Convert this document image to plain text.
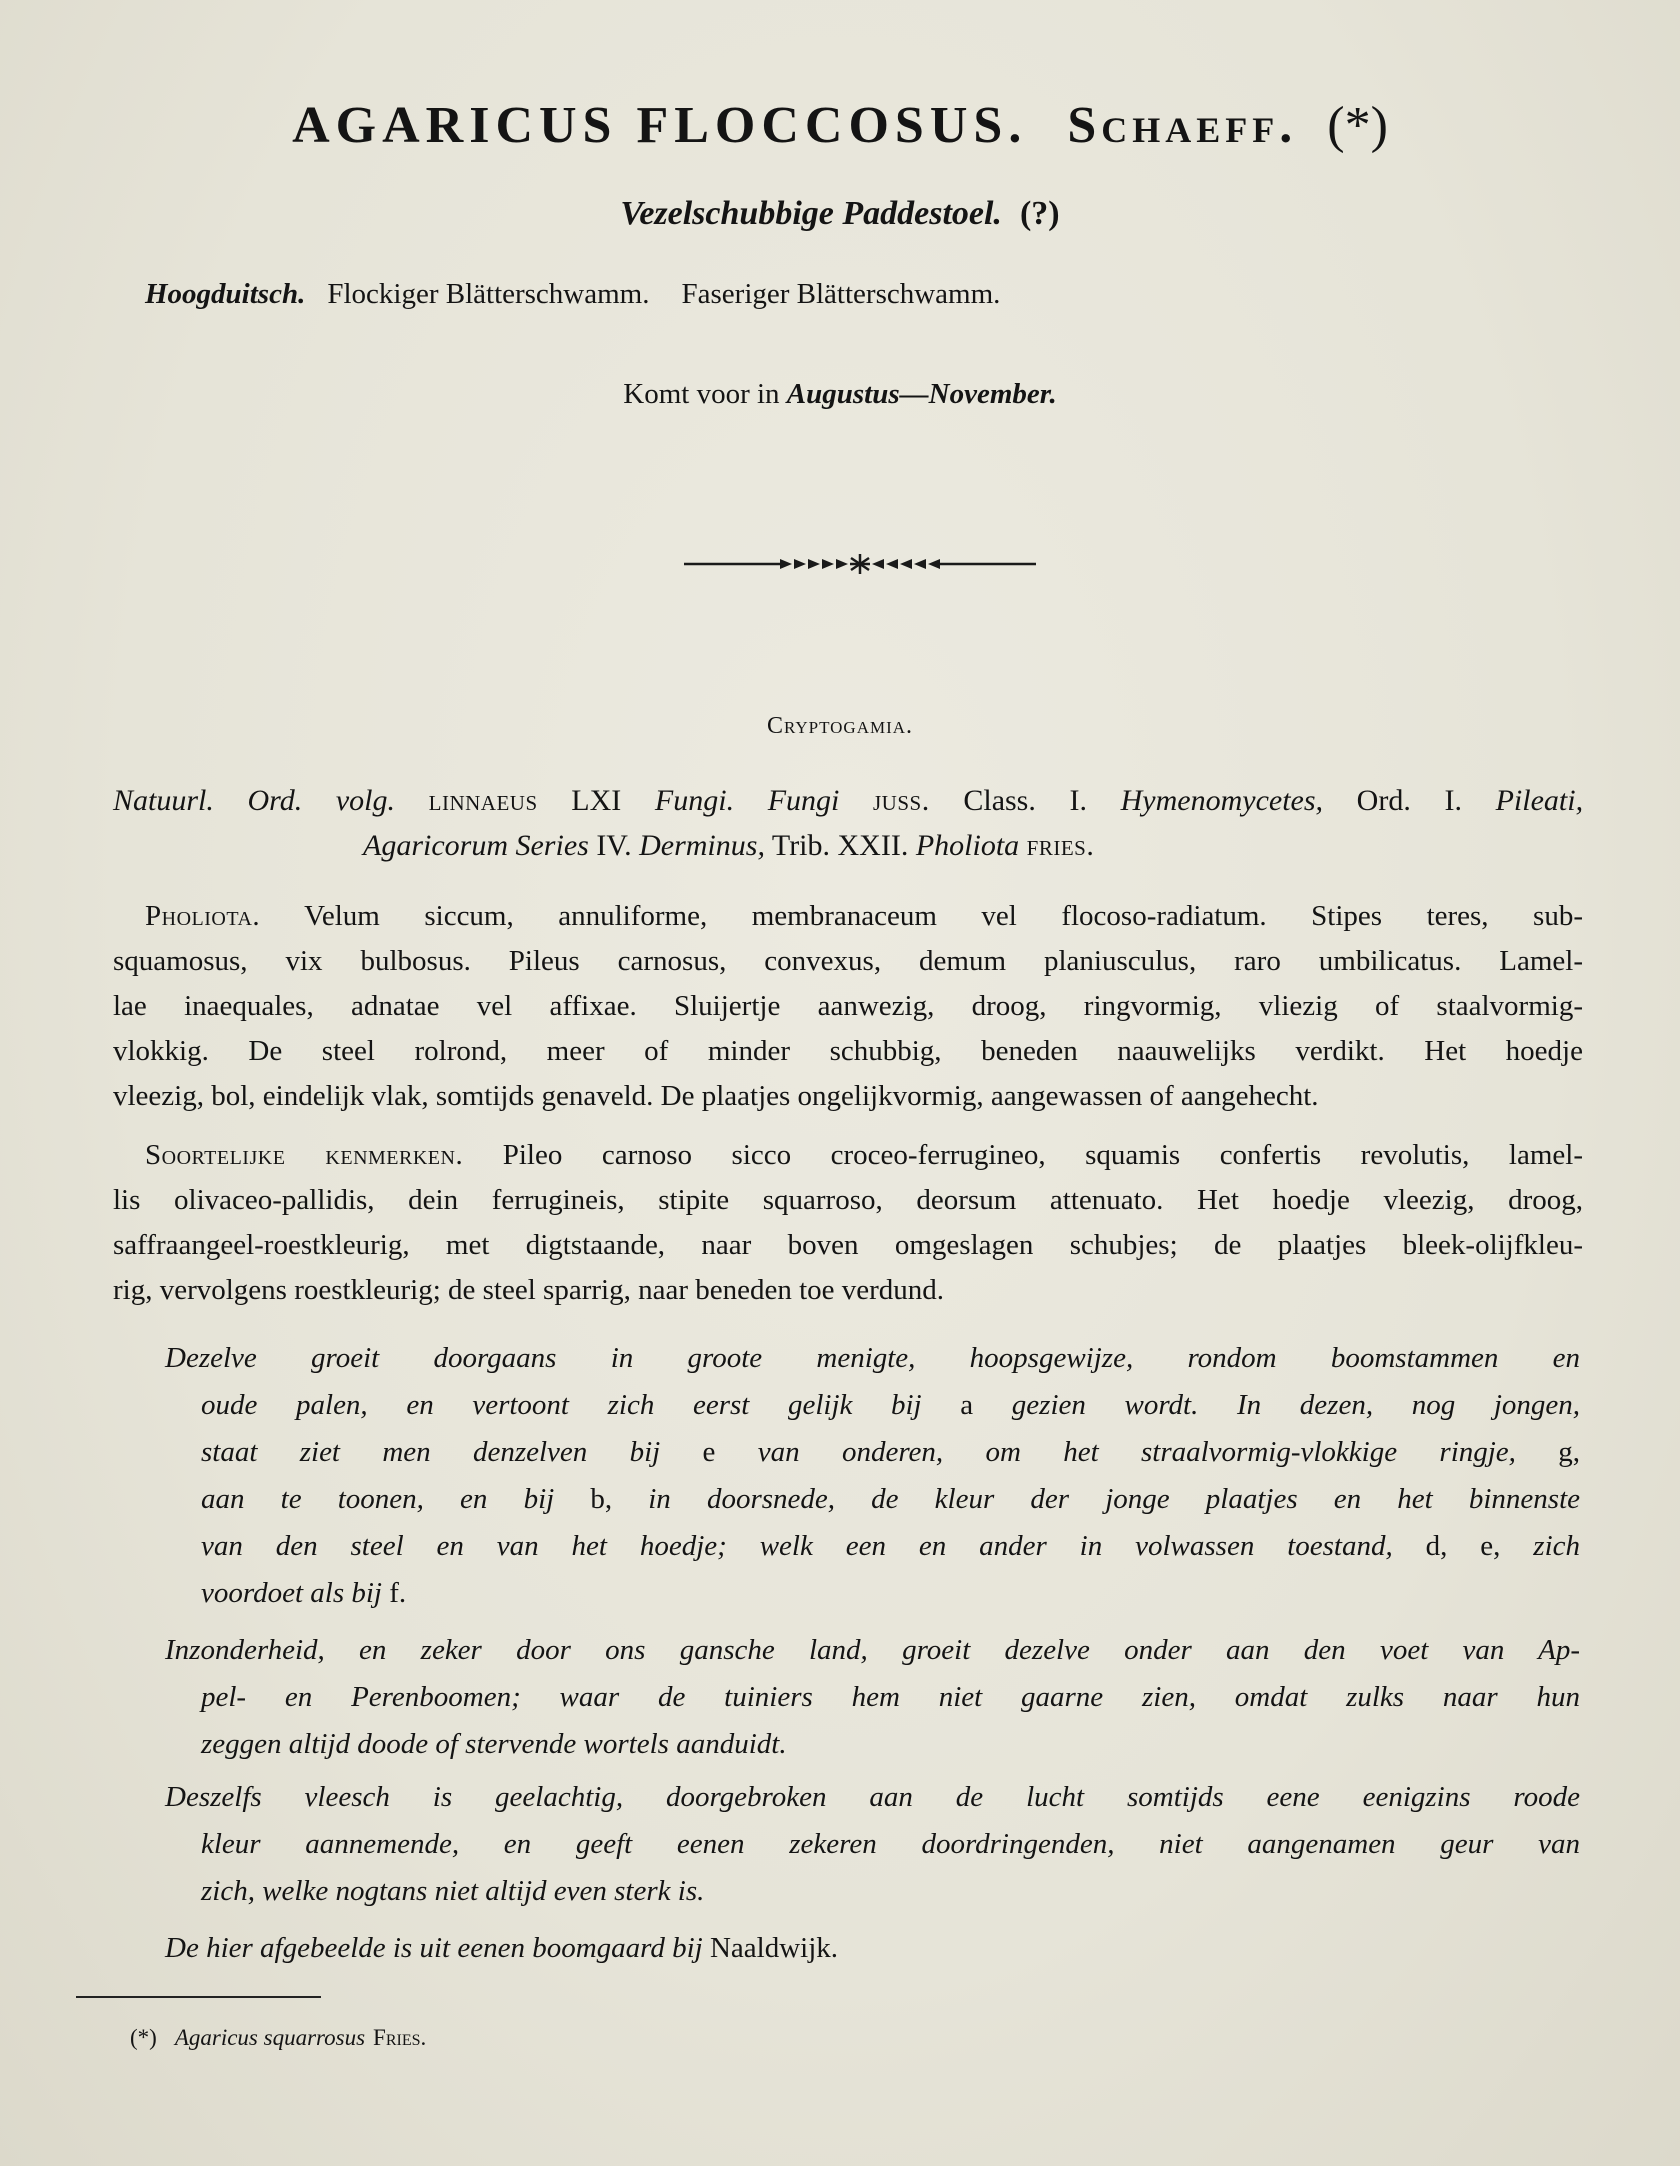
AGARICUS FLOCCOSUS. Schaeff. (*)
Vezelschubbige Paddestoel. (?)
Hoogduitsch. Flockiger Blätterschwamm. Faseriger Blätterschwamm.
Komt voor in Augustus—November.
Cryptogamia.
Natuurl. Ord. volg. linnaeus LXI Fungi. Fungi juss. Class. I. Hymenomycetes, Ord. I. Pileati,
Agaricorum Series IV. Derminus, Trib. XXII. Pholiota fries.
Pholiota. Velum siccum, annuliforme, membranaceum vel flocoso-radiatum. Stipes teres, sub-
squamosus, vix bulbosus. Pileus carnosus, convexus, demum planiusculus, raro umbilicatus. Lamel-
lae inaequales, adnatae vel affixae. Sluijertje aanwezig, droog, ringvormig, vliezig of staalvormig-
vlokkig. De steel rolrond, meer of minder schubbig, beneden naauwelijks verdikt. Het hoedje
vleezig, bol, eindelijk vlak, somtijds genaveld. De plaatjes ongelijkvormig, aangewassen of aangehecht.
Soortelijke kenmerken. Pileo carnoso sicco croceo-ferrugineo, squamis confertis revolutis, lamel-
lis olivaceo-pallidis, dein ferrugineis, stipite squarroso, deorsum attenuato. Het hoedje vleezig, droog,
saffraangeel-roestkleurig, met digtstaande, naar boven omgeslagen schubjes; de plaatjes bleek-olijfkleu-
rig, vervolgens roestkleurig; de steel sparrig, naar beneden toe verdund.
Dezelve groeit doorgaans in groote menigte, hoopsgewijze, rondom boomstammen en
oude palen, en vertoont zich eerst gelijk bij a gezien wordt. In dezen, nog jongen,
staat ziet men denzelven bij e van onderen, om het straalvormig-vlokkige ringje, g,
aan te toonen, en bij b, in doorsnede, de kleur der jonge plaatjes en het binnenste
van den steel en van het hoedje; welk een en ander in volwassen toestand, d, e, zich
voordoet als bij f.
Inzonderheid, en zeker door ons gansche land, groeit dezelve onder aan den voet van Ap-
pel- en Perenboomen; waar de tuiniers hem niet gaarne zien, omdat zulks naar hun
zeggen altijd doode of stervende wortels aanduidt.
Deszelfs vleesch is geelachtig, doorgebroken aan de lucht somtijds eene eenigzins roode
kleur aannemende, en geeft eenen zekeren doordringenden, niet aangenamen geur van
zich, welke nogtans niet altijd even sterk is.
De hier afgebeelde is uit eenen boomgaard bij Naaldwijk.
(*) Agaricus squarrosus Fries.
